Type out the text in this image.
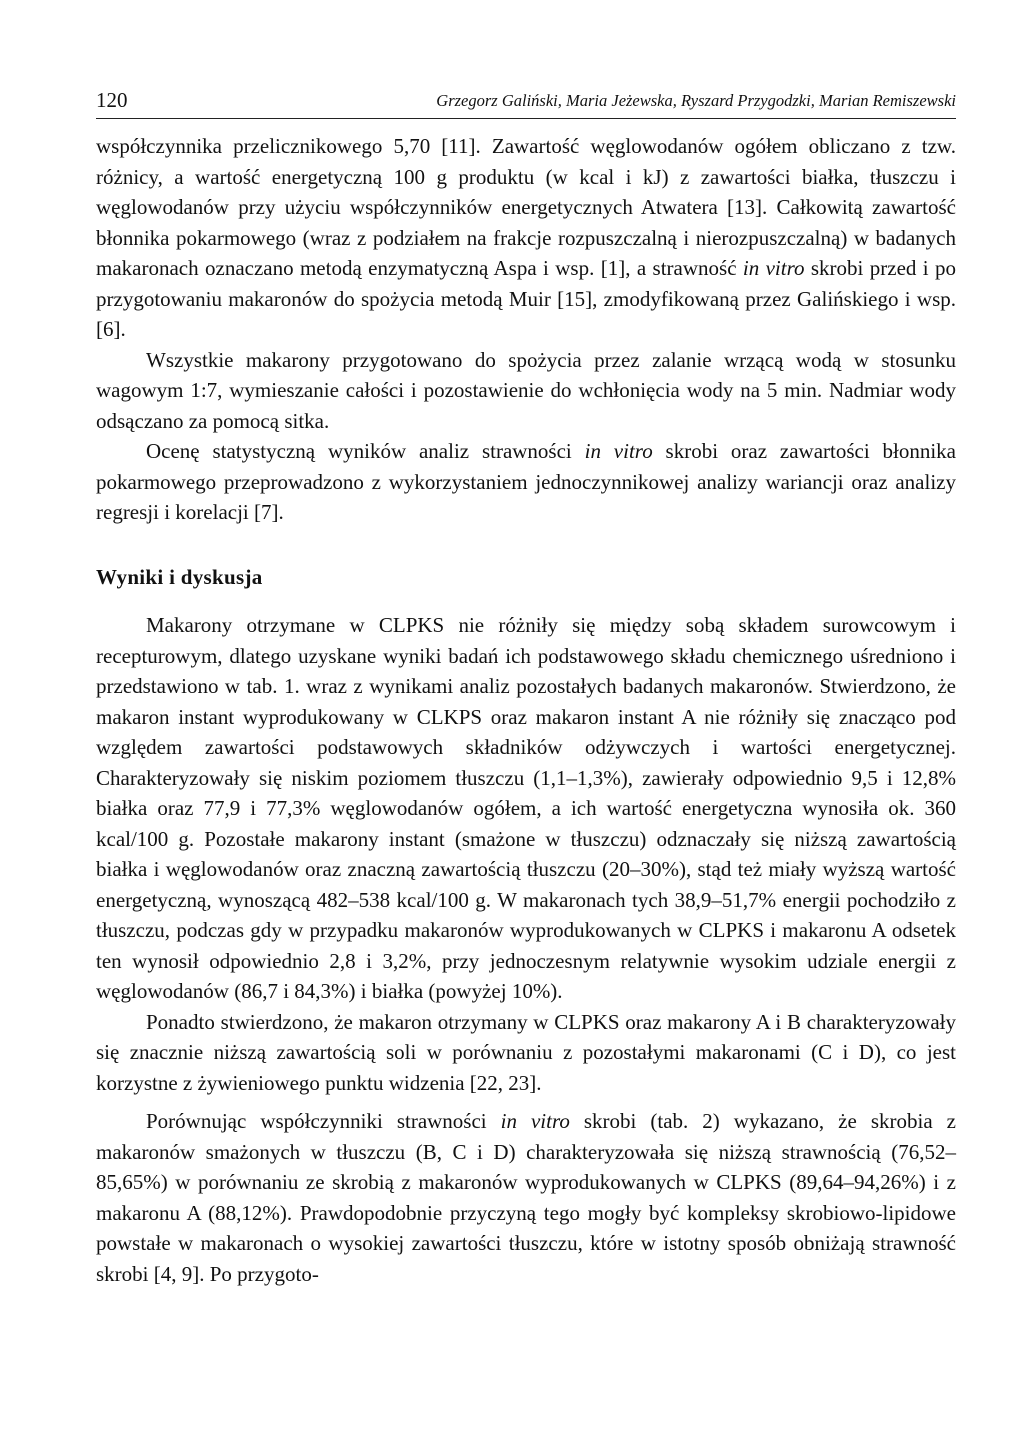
120	Grzegorz Galiński, Maria Jeżewska, Ryszard Przygodzki, Marian Remiszewski

współczynnika przelicznikowego 5,70 [11]. Zawartość węglowodanów ogółem obliczano z tzw. różnicy, a wartość energetyczną 100 g produktu (w kcal i kJ) z zawartości białka, tłuszczu i węglowodanów przy użyciu współczynników energetycznych Atwatera [13]. Całkowitą zawartość błonnika pokarmowego (wraz z podziałem na frakcje rozpuszczalną i nierozpuszczalną) w badanych makaronach oznaczano metodą enzymatyczną Aspa i wsp. [1], a strawność in vitro skrobi przed i po przygotowaniu makaronów do spożycia metodą Muir [15], zmodyfikowaną przez Galińskiego i wsp. [6].

Wszystkie makarony przygotowano do spożycia przez zalanie wrzącą wodą w stosunku wagowym 1:7, wymieszanie całości i pozostawienie do wchłonięcia wody na 5 min. Nadmiar wody odsączano za pomocą sitka.

Ocenę statystyczną wyników analiz strawności in vitro skrobi oraz zawartości błonnika pokarmowego przeprowadzono z wykorzystaniem jednoczynnikowej analizy wariancji oraz analizy regresji i korelacji [7].

Wyniki i dyskusja

Makarony otrzymane w CLPKS nie różniły się między sobą składem surowcowym i recepturowym, dlatego uzyskane wyniki badań ich podstawowego składu chemicznego uśredniono i przedstawiono w tab. 1. wraz z wynikami analiz pozostałych badanych makaronów. Stwierdzono, że makaron instant wyprodukowany w CLKPS oraz makaron instant A nie różniły się znacząco pod względem zawartości podstawowych składników odżywczych i wartości energetycznej. Charakteryzowały się niskim poziomem tłuszczu (1,1–1,3%), zawierały odpowiednio 9,5 i 12,8% białka oraz 77,9 i 77,3% węglowodanów ogółem, a ich wartość energetyczna wynosiła ok. 360 kcal/100 g. Pozostałe makarony instant (smażone w tłuszczu) odznaczały się niższą zawartością białka i węglowodanów oraz znaczną zawartością tłuszczu (20–30%), stąd też miały wyższą wartość energetyczną, wynoszącą 482–538 kcal/100 g. W makaronach tych 38,9–51,7% energii pochodziło z tłuszczu, podczas gdy w przypadku makaronów wyprodukowanych w CLPKS i makaronu A odsetek ten wynosił odpowiednio 2,8 i 3,2%, przy jednoczesnym relatywnie wysokim udziale energii z węglowodanów (86,7 i 84,3%) i białka (powyżej 10%).

Ponadto stwierdzono, że makaron otrzymany w CLPKS oraz makarony A i B charakteryzowały się znacznie niższą zawartością soli w porównaniu z pozostałymi makaronami (C i D), co jest korzystne z żywieniowego punktu widzenia [22, 23].

Porównując współczynniki strawności in vitro skrobi (tab. 2) wykazano, że skrobia z makaronów smażonych w tłuszczu (B, C i D) charakteryzowała się niższą strawnością (76,52–85,65%) w porównaniu ze skrobią z makaronów wyprodukowanych w CLPKS (89,64–94,26%) i z makaronu A (88,12%). Prawdopodobnie przyczyną tego mogły być kompleksy skrobiowo-lipidowe powstałe w makaronach o wysokiej zawartości tłuszczu, które w istotny sposób obniżają strawność skrobi [4, 9]. Po przygoto-
